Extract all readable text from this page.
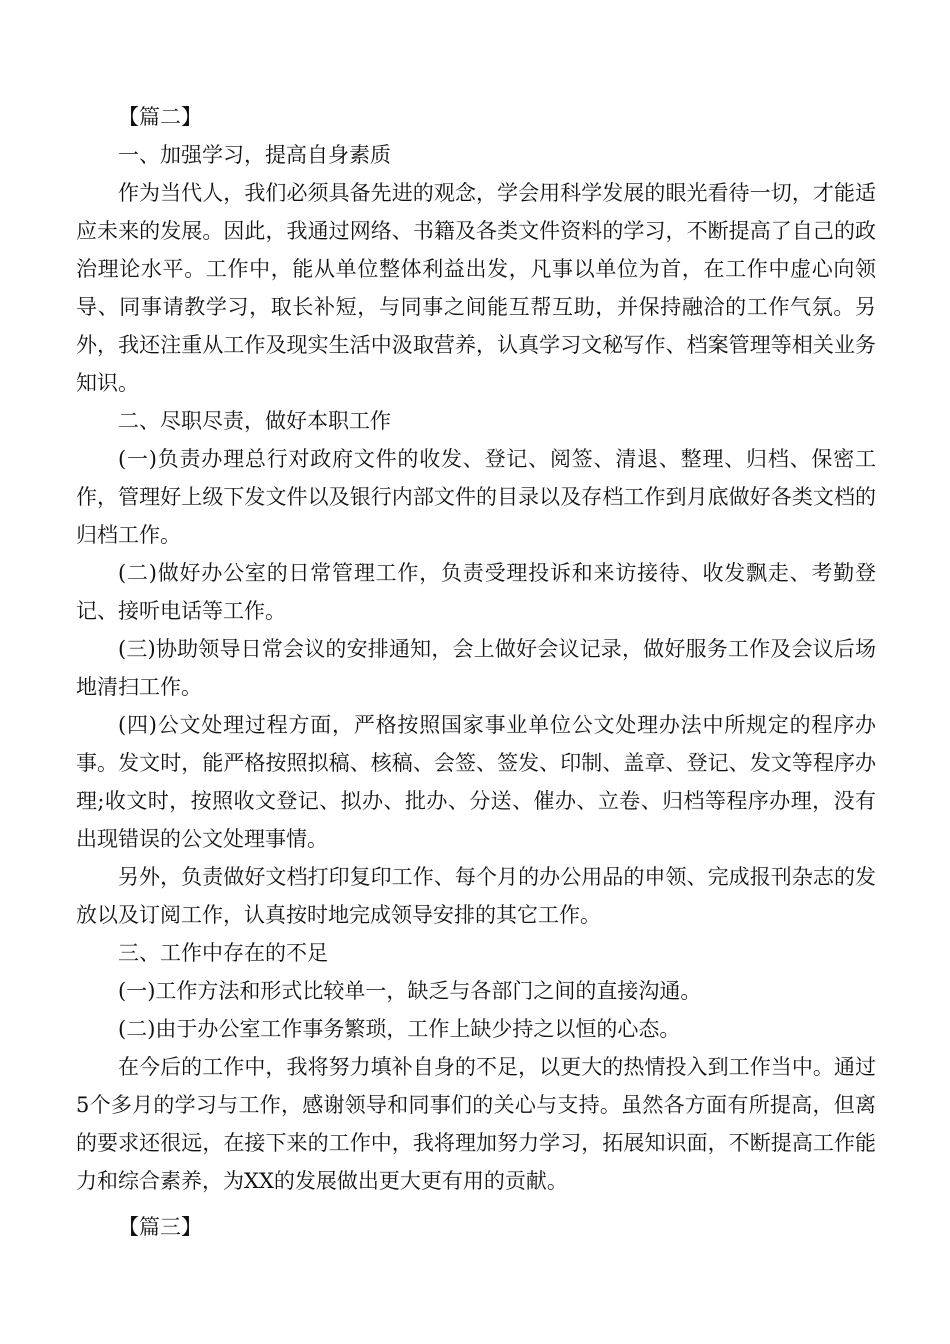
【篇二】

一、加强学习，提高自身素质

作为当代人，我们必须具备先进的观念，学会用科学发展的眼光看待一切，才能适应未来的发展。因此，我通过网络、书籍及各类文件资料的学习，不断提高了自己的政治理论水平。工作中，能从单位整体利益出发，凡事以单位为首，在工作中虚心向领导、同事请教学习，取长补短，与同事之间能互帮互助，并保持融洽的工作气氛。另外，我还注重从工作及现实生活中汲取营养，认真学习文秘写作、档案管理等相关业务知识。

二、尽职尽责，做好本职工作

(一)负责办理总行对政府文件的收发、登记、阅签、清退、整理、归档、保密工作，管理好上级下发文件以及银行内部文件的目录以及存档工作到月底做好各类文档的归档工作。

(二)做好办公室的日常管理工作，负责受理投诉和来访接待、收发飘走、考勤登记、接听电话等工作。

(三)协助领导日常会议的安排通知，会上做好会议记录，做好服务工作及会议后场地清扫工作。

(四)公文处理过程方面，严格按照国家事业单位公文处理办法中所规定的程序办事。发文时，能严格按照拟稿、核稿、会签、签发、印制、盖章、登记、发文等程序办理;收文时，按照收文登记、拟办、批办、分送、催办、立卷、归档等程序办理，没有出现错误的公文处理事情。

另外，负责做好文档打印复印工作、每个月的办公用品的申领、完成报刊杂志的发放以及订阅工作，认真按时地完成领导安排的其它工作。

三、工作中存在的不足

(一)工作方法和形式比较单一，缺乏与各部门之间的直接沟通。

(二)由于办公室工作事务繁琐，工作上缺少持之以恒的心态。

在今后的工作中，我将努力填补自身的不足，以更大的热情投入到工作当中。通过5个多月的学习与工作，感谢领导和同事们的关心与支持。虽然各方面有所提高，但离的要求还很远，在接下来的工作中，我将理加努力学习，拓展知识面，不断提高工作能力和综合素养，为XX的发展做出更大更有用的贡献。

【篇三】
